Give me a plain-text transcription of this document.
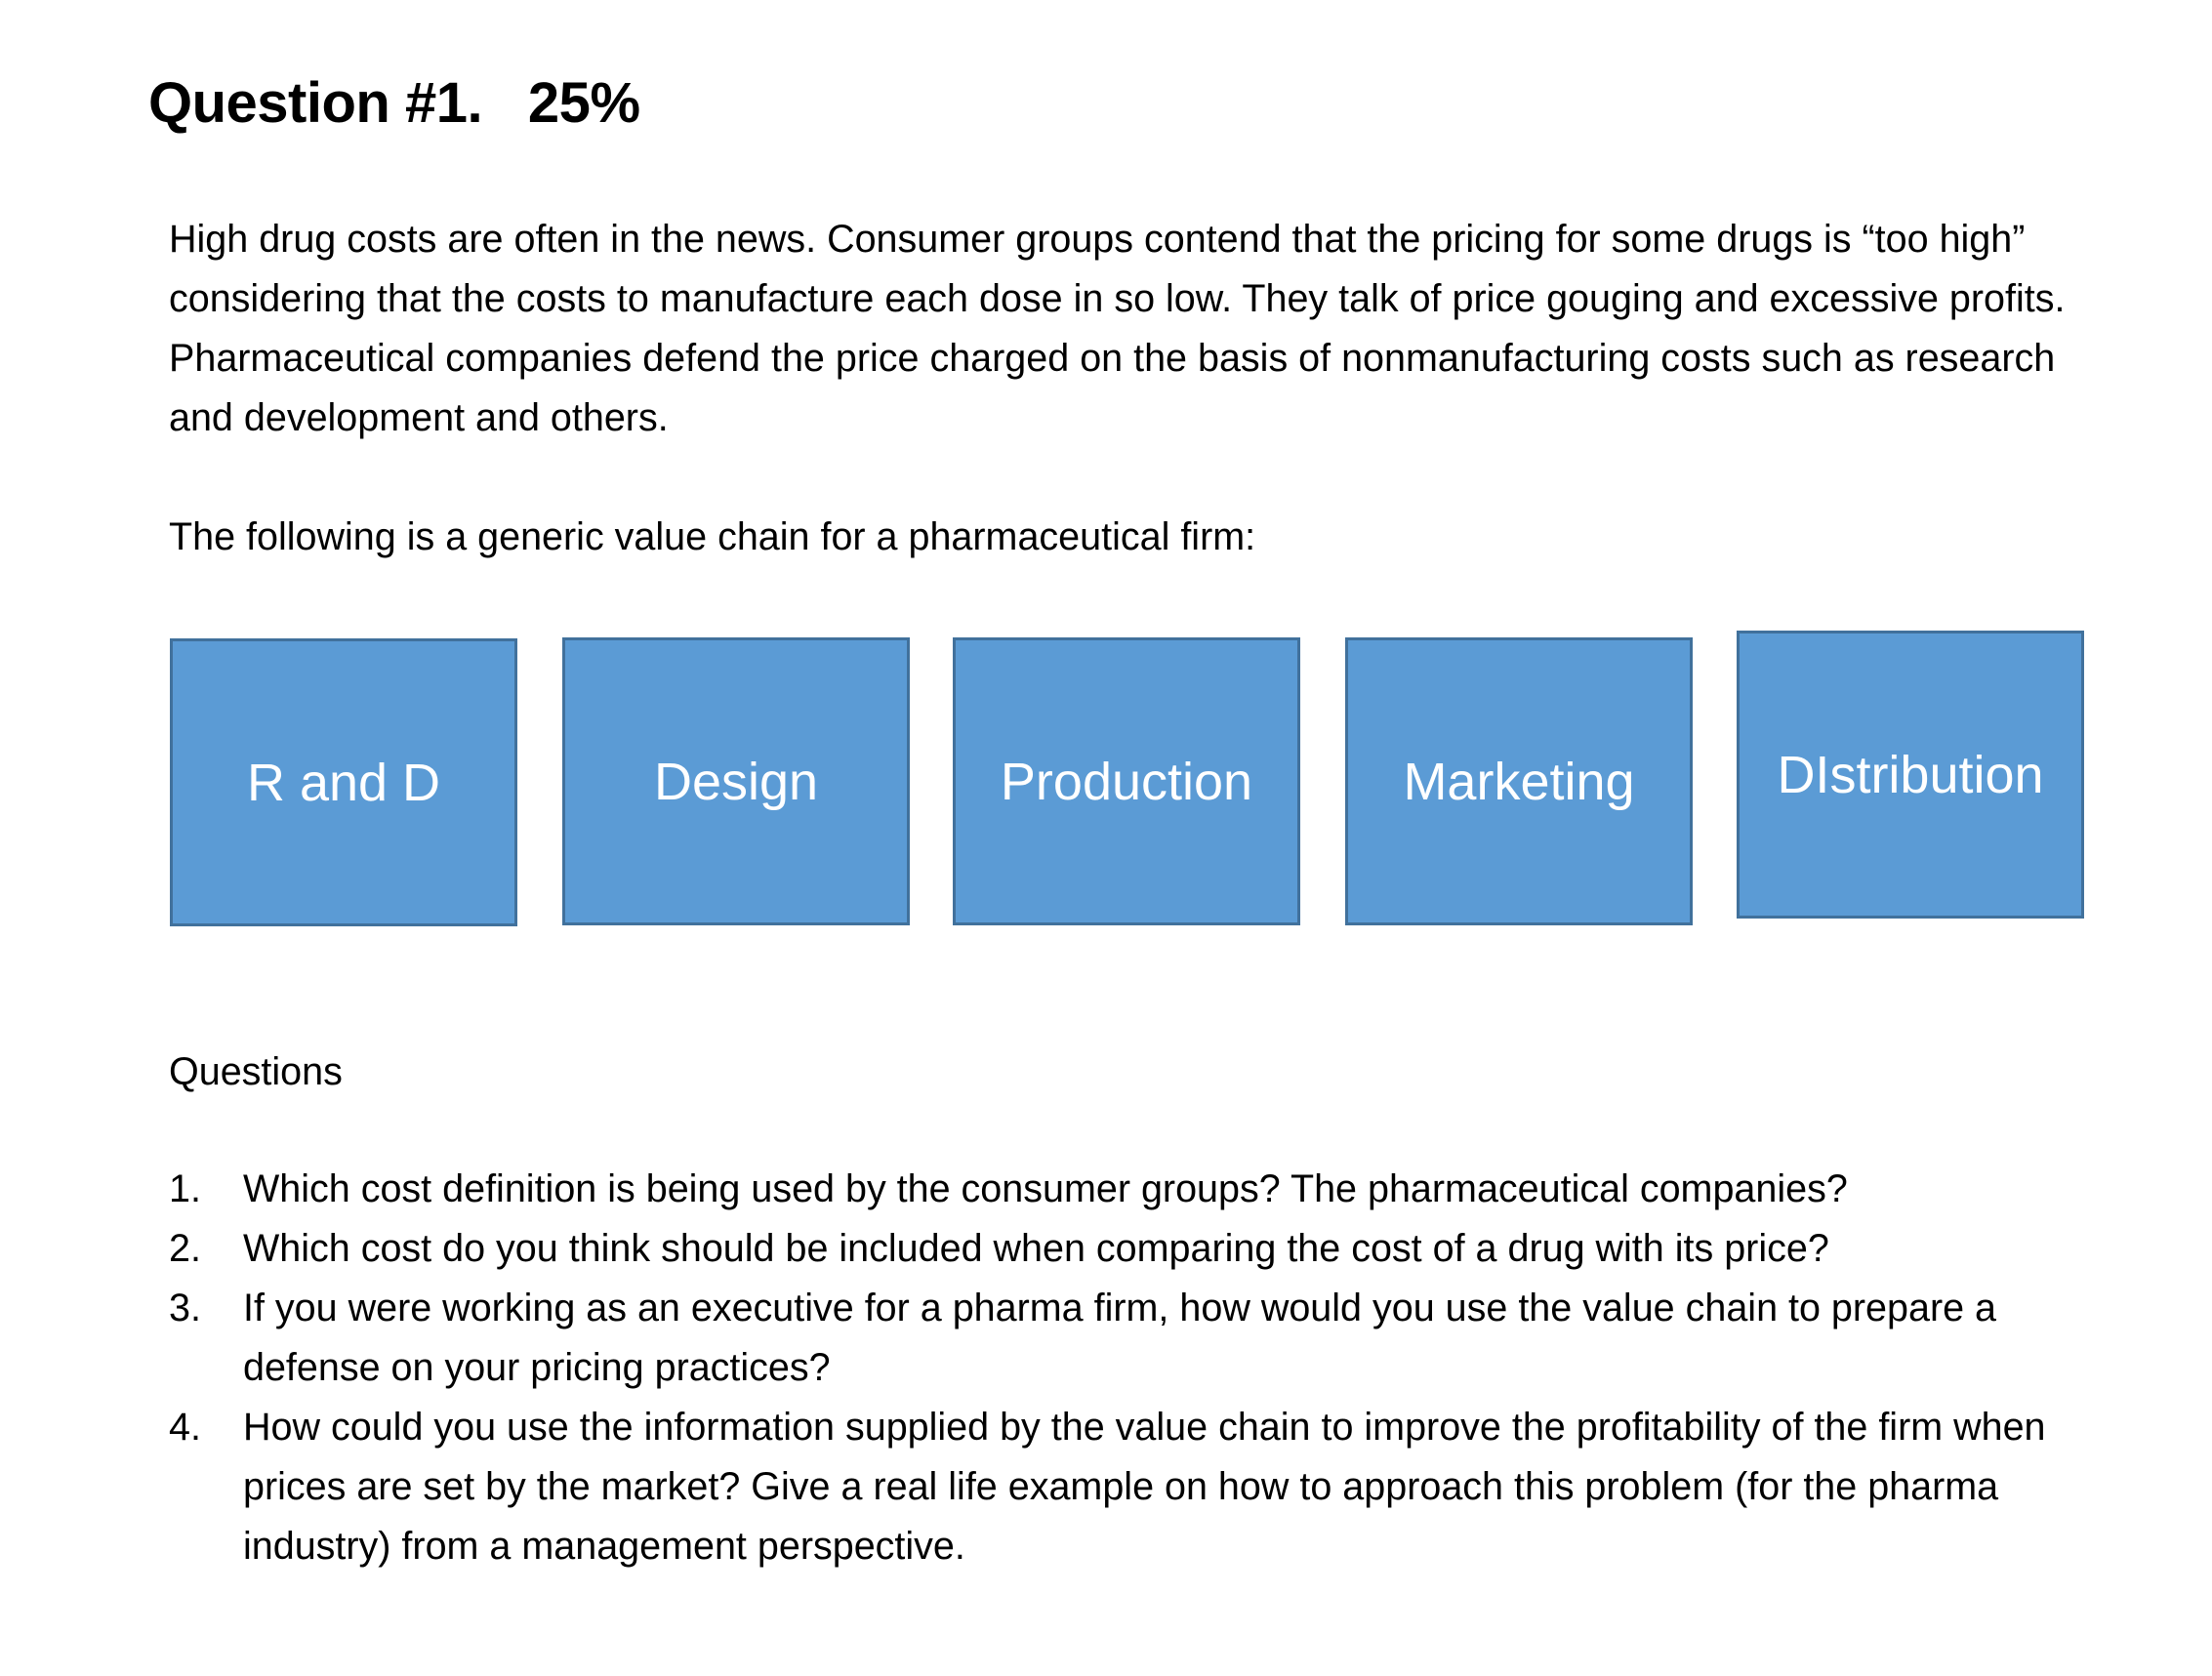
Question #1.   25%

High drug costs are often in the news. Consumer groups contend that the pricing for some drugs is “too high” considering that the costs to manufacture each dose in so low. They talk of price gouging and excessive profits. Pharmaceutical companies defend the price charged on the basis of nonmanufacturing costs such as research and development and others.

The following is a generic value chain for a pharmaceutical firm:

R and D	Design	Production	Marketing	DIstribution

Questions

1.	Which cost definition is being used by the consumer groups? The pharmaceutical companies?
2.	Which cost do you think should be included when comparing the cost of a drug with its price?
3.	If you were working as an executive for a pharma firm, how would you use the value chain to prepare a defense on your pricing practices?
4.	How could you use the information supplied by the value chain to improve the profitability of the firm when prices are set by the market? Give a real life example on how to approach this problem (for the pharma industry) from a management perspective.
